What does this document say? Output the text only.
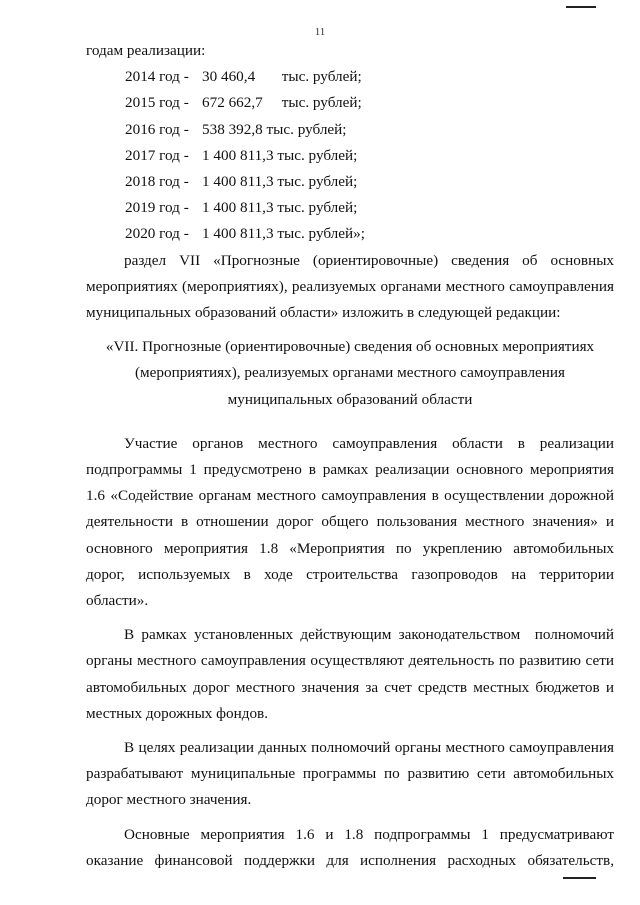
11
годам реализации:
2014 год - 30 460,4       тыс. рублей;
2015 год - 672 662,7     тыс. рублей;
2016 год - 538 392,8 тыс. рублей;
2017 год - 1 400 811,3 тыс. рублей;
2018 год - 1 400 811,3 тыс. рублей;
2019 год - 1 400 811,3 тыс. рублей;
2020 год - 1 400 811,3 тыс. рублей»;
раздел VII «Прогнозные (ориентировочные) сведения об основных
мероприятиях (мероприятиях), реализуемых органами местного самоуправления
муниципальных образований области» изложить в следующей редакции:
«VII. Прогнозные (ориентировочные) сведения об основных мероприятиях
(мероприятиях), реализуемых органами местного самоуправления
муниципальных образований области
Участие органов местного самоуправления области в реализации
подпрограммы 1 предусмотрено в рамках реализации основного мероприятия
1.6 «Содействие органам местного самоуправления в осуществлении дорожной
деятельности в отношении дорог общего пользования местного значения» и
основного мероприятия 1.8 «Мероприятия по укреплению автомобильных
дорог, используемых в ходе строительства газопроводов на территории
области».
В рамках установленных действующим законодательством  полномочий
органы местного самоуправления осуществляют деятельность по развитию сети
автомобильных дорог местного значения за счет средств местных бюджетов и
местных дорожных фондов.
В целях реализации данных полномочий органы местного самоуправления
разрабатывают муниципальные программы по развитию сети автомобильных
дорог местного значения.
Основные мероприятия 1.6 и 1.8 подпрограммы 1 предусматривают
оказание финансовой поддержки для исполнения расходных обязательств,
